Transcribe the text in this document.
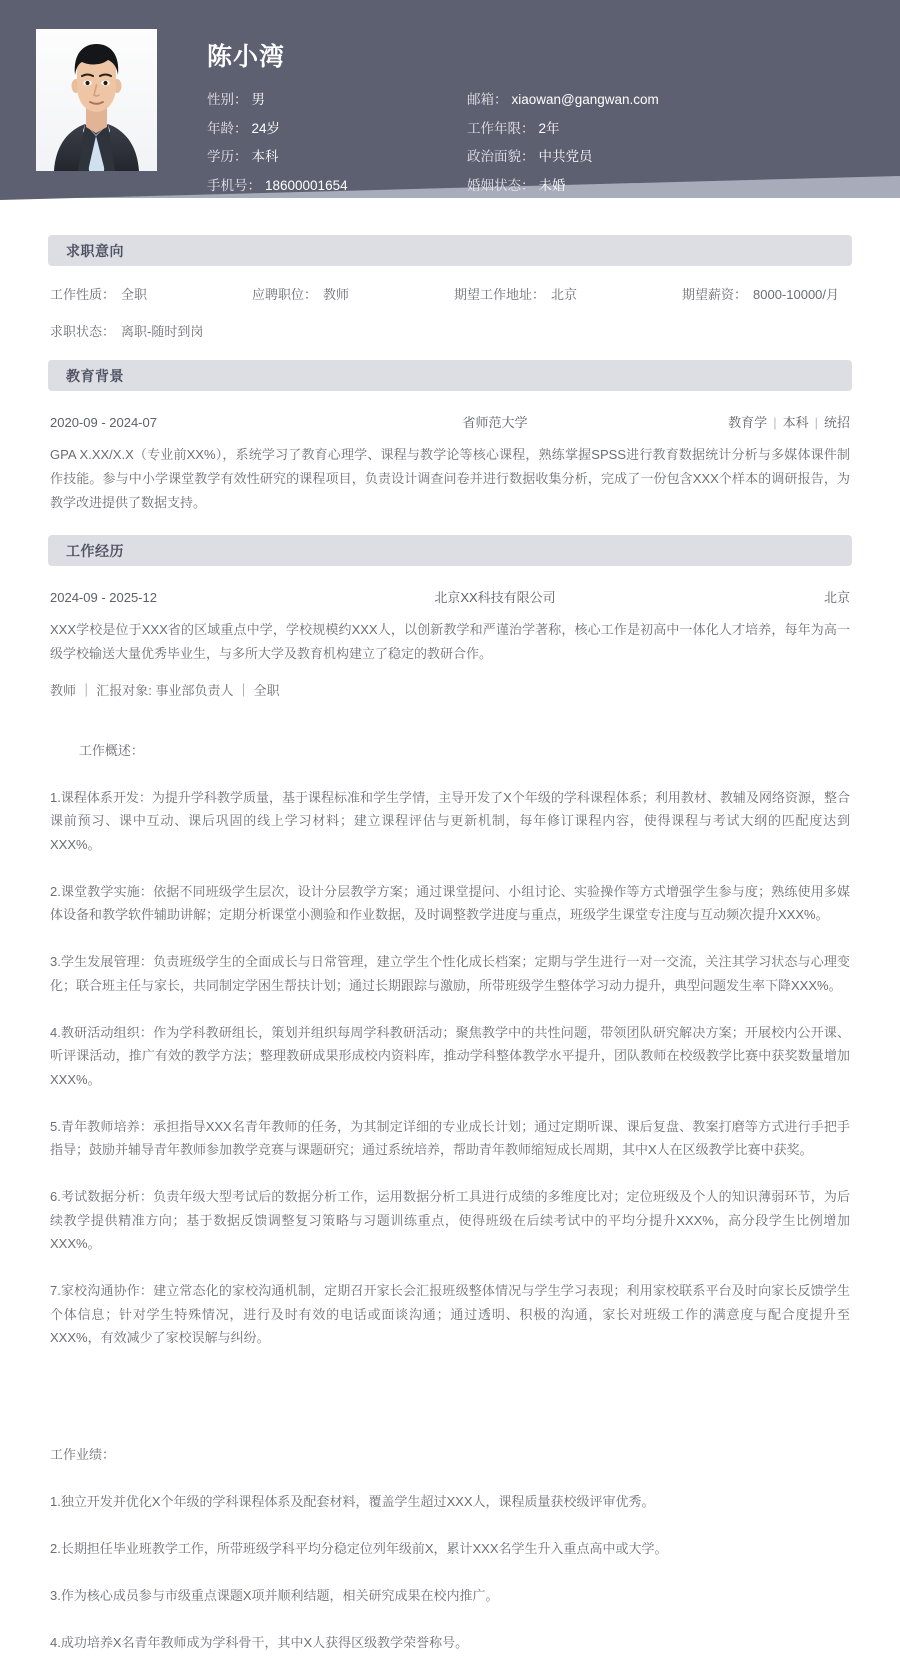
陈小湾
性别： 男	邮箱： xiaowan@gangwan.com
年龄： 24岁	工作年限： 2年
学历： 本科	政治面貌： 中共党员
手机号： 18600001654	婚姻状态： 未婚
求职意向
工作性质： 全职	应聘职位： 教师	期望工作地址： 北京	期望薪资： 8000-10000/月
求职状态： 离职-随时到岗
教育背景
2020-09 - 2024-07	省师范大学	教育学 | 本科 | 统招

GPA X.XX/X.X（专业前XX%），系统学习了教育心理学、课程与教学论等核心课程，熟练掌握SPSS进行教育数据统计分析与多媒体课件制作技能。参与中小学课堂教学有效性研究的课程项目，负责设计调查问卷并进行数据收集分析，完成了一份包含XXX个样本的调研报告，为教学改进提供了数据支持。

工作经历
2024-09 - 2025-12	北京XX科技有限公司	北京

XXX学校是位于XXX省的区域重点中学，学校规模约XXX人，以创新教学和严谨治学著称，核心工作是初高中一体化人才培养，每年为高一级学校输送大量优秀毕业生，与多所大学及教育机构建立了稳定的教研合作。

教师 ｜ 汇报对象: 事业部负责人 ｜ 全职

工作概述：

1.课程体系开发：为提升学科教学质量，基于课程标准和学生学情，主导开发了X个年级的学科课程体系；利用教材、教辅及网络资源，整合课前预习、课中互动、课后巩固的线上学习材料；建立课程评估与更新机制，每年修订课程内容，使得课程与考试大纲的匹配度达到XXX%。

2.课堂教学实施：依据不同班级学生层次，设计分层教学方案；通过课堂提问、小组讨论、实验操作等方式增强学生参与度；熟练使用多媒体设备和教学软件辅助讲解；定期分析课堂小测验和作业数据，及时调整教学进度与重点，班级学生课堂专注度与互动频次提升XXX%。

3.学生发展管理：负责班级学生的全面成长与日常管理，建立学生个性化成长档案；定期与学生进行一对一交流，关注其学习状态与心理变化；联合班主任与家长，共同制定学困生帮扶计划；通过长期跟踪与激励，所带班级学生整体学习动力提升，典型问题发生率下降XXX%。

4.教研活动组织：作为学科教研组长，策划并组织每周学科教研活动；聚焦教学中的共性问题，带领团队研究解决方案；开展校内公开课、听评课活动，推广有效的教学方法；整理教研成果形成校内资料库，推动学科整体教学水平提升，团队教师在校级教学比赛中获奖数量增加XXX%。

5.青年教师培养：承担指导XXX名青年教师的任务，为其制定详细的专业成长计划；通过定期听课、课后复盘、教案打磨等方式进行手把手指导；鼓励并辅导青年教师参加教学竞赛与课题研究；通过系统培养，帮助青年教师缩短成长周期，其中X人在区级教学比赛中获奖。

6.考试数据分析：负责年级大型考试后的数据分析工作，运用数据分析工具进行成绩的多维度比对；定位班级及个人的知识薄弱环节，为后续教学提供精准方向；基于数据反馈调整复习策略与习题训练重点，使得班级在后续考试中的平均分提升XXX%，高分段学生比例增加XXX%。

7.家校沟通协作：建立常态化的家校沟通机制，定期召开家长会汇报班级整体情况与学生学习表现；利用家校联系平台及时向家长反馈学生个体信息；针对学生特殊情况，进行及时有效的电话或面谈沟通；通过透明、积极的沟通，家长对班级工作的满意度与配合度提升至XXX%，有效减少了家校误解与纠纷。

工作业绩：

1.独立开发并优化X个年级的学科课程体系及配套材料，覆盖学生超过XXX人，课程质量获校级评审优秀。

2.长期担任毕业班教学工作，所带班级学科平均分稳定位列年级前X，累计XXX名学生升入重点高中或大学。

3.作为核心成员参与市级重点课题X项并顺利结题，相关研究成果在校内推广。

4.成功培养X名青年教师成为学科骨干，其中X人获得区级教学荣誉称号。
